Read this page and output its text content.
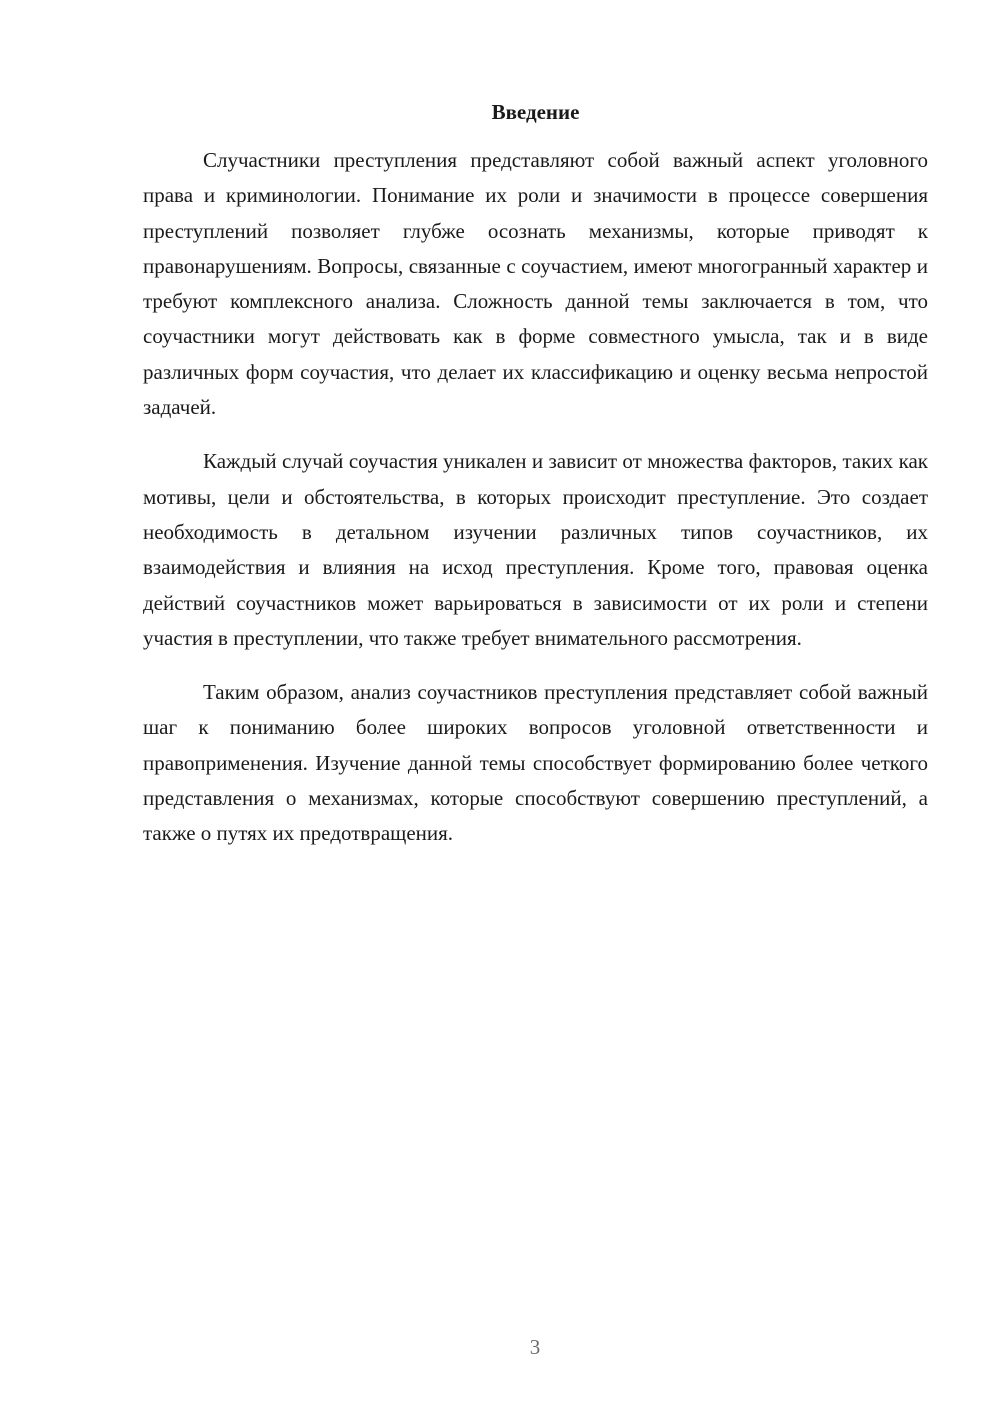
Введение

Случастники преступления представляют собой важный аспект уголовного права и криминологии. Понимание их роли и значимости в процессе совершения преступлений позволяет глубже осознать механизмы, которые приводят к правонарушениям. Вопросы, связанные с соучастием, имеют многогранный характер и требуют комплексного анализа. Сложность данной темы заключается в том, что соучастники могут действовать как в форме совместного умысла, так и в виде различных форм соучастия, что делает их классификацию и оценку весьма непростой задачей.

Каждый случай соучастия уникален и зависит от множества факторов, таких как мотивы, цели и обстоятельства, в которых происходит преступление. Это создает необходимость в детальном изучении различных типов соучастников, их взаимодействия и влияния на исход преступления. Кроме того, правовая оценка действий соучастников может варьироваться в зависимости от их роли и степени участия в преступлении, что также требует внимательного рассмотрения.

Таким образом, анализ соучастников преступления представляет собой важный шаг к пониманию более широких вопросов уголовной ответственности и правоприменения. Изучение данной темы способствует формированию более четкого представления о механизмах, которые способствуют совершению преступлений, а также о путях их предотвращения.

3
